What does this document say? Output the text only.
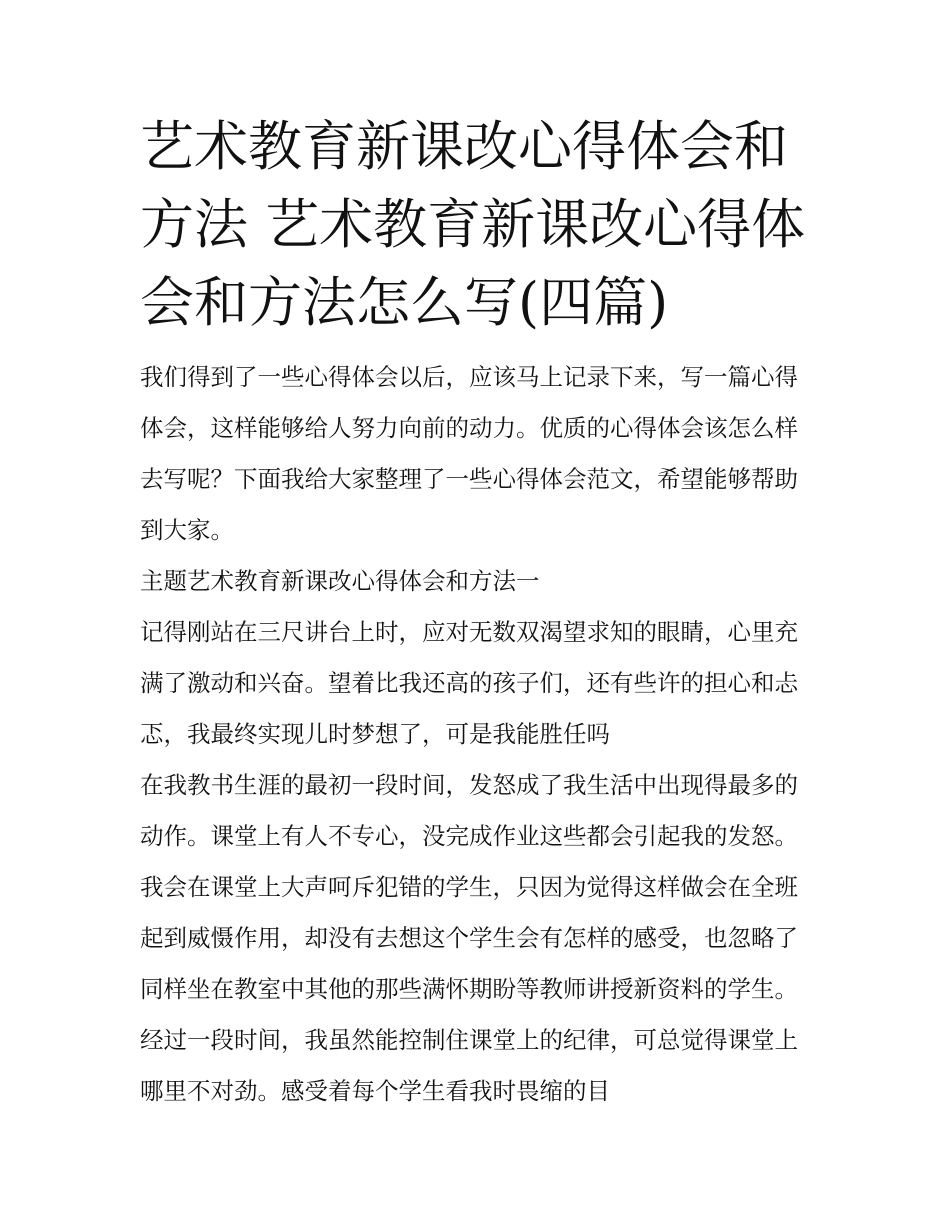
艺术教育新课改心得体会和方法 艺术教育新课改心得体会和方法怎么写(四篇)

我们得到了一些心得体会以后，应该马上记录下来，写一篇心得体会，这样能够给人努力向前的动力。优质的心得体会该怎么样去写呢？下面我给大家整理了一些心得体会范文，希望能够帮助到大家。

主题艺术教育新课改心得体会和方法一

记得刚站在三尺讲台上时，应对无数双渴望求知的眼睛，心里充满了激动和兴奋。望着比我还高的孩子们，还有些许的担心和忐忑，我最终实现儿时梦想了，可是我能胜任吗

在我教书生涯的最初一段时间，发怒成了我生活中出现得最多的动作。课堂上有人不专心，没完成作业这些都会引起我的发怒。我会在课堂上大声呵斥犯错的学生，只因为觉得这样做会在全班起到威慑作用，却没有去想这个学生会有怎样的感受，也忽略了同样坐在教室中其他的那些满怀期盼等教师讲授新资料的学生。经过一段时间，我虽然能控制住课堂上的纪律，可总觉得课堂上哪里不对劲。感受着每个学生看我时畏缩的目
